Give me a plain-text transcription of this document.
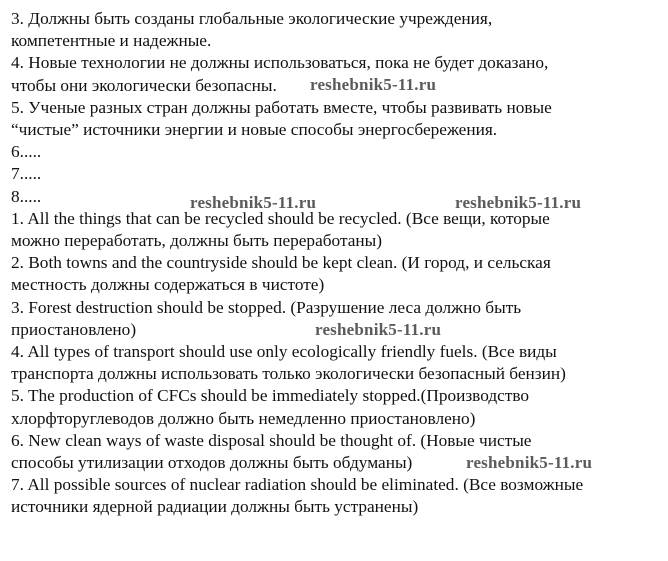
3. Должны быть созданы глобальные экологические учреждения,
компетентные и надежные.
4. Новые технологии не должны использоваться, пока не будет доказано,
чтобы они экологически безопасны.
5. Ученые разных стран должны работать вместе, чтобы развивать новые
“чистые” источники энергии и новые способы энергосбережения.
6.....
7.....
8.....
1. All the things that can be recycled should be recycled. (Все вещи, которые
можно переработать, должны быть переработаны)
2. Both towns and the countryside should be kept clean. (И город, и сельская
местность должны содержаться в чистоте)
3. Forest destruction should be stopped. (Разрушение леса должно быть
приостановлено)
4. All types of transport should use only ecologically friendly fuels. (Все виды
транспорта должны использовать только экологически безопасный бензин)
5. The production of CFCs should be immediately stopped.(Производство
хлорфторуглеводов должно быть немедленно приостановлено)
6. New clean ways of waste disposal should be thought of. (Новые чистые
способы утилизации отходов должны быть обдуманы)
7. All possible sources of nuclear radiation should be eliminated. (Все возможные
источники ядерной радиации должны быть устранены)
reshebnik5-11.ru
reshebnik5-11.ru	reshebnik5-11.ru
reshebnik5-11.ru
reshebnik5-11.ru
